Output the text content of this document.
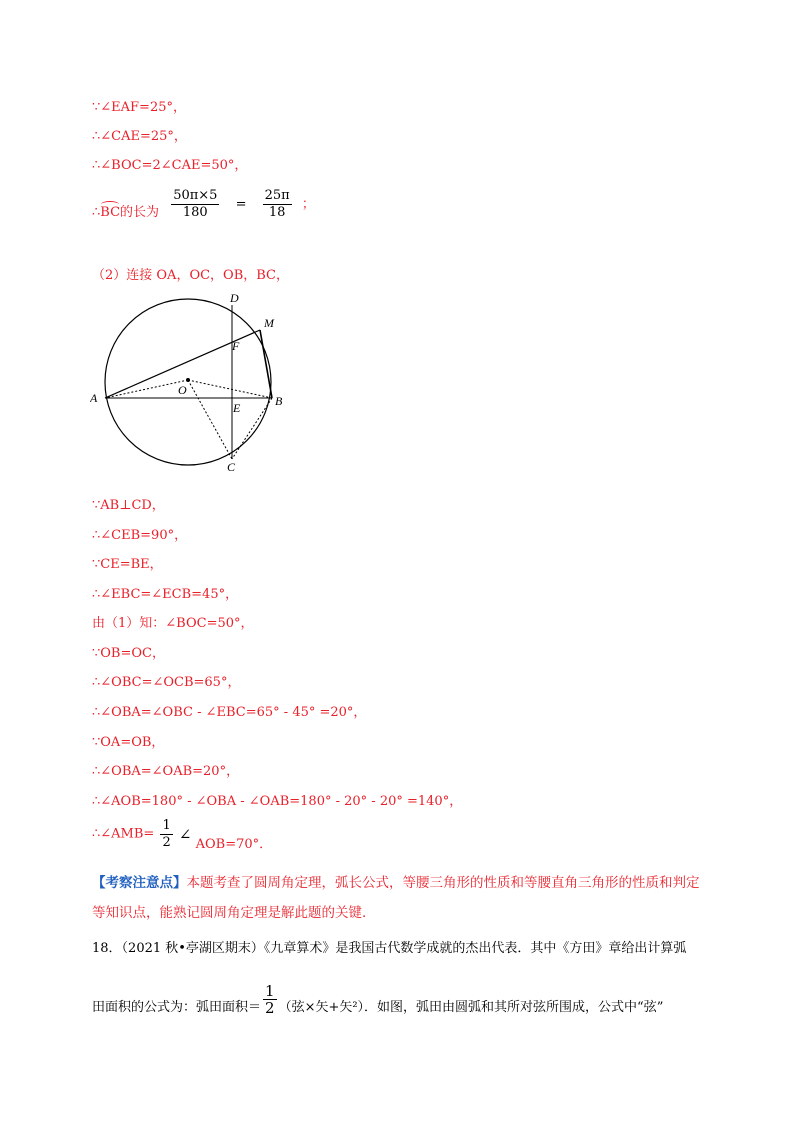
∵∠EAF=25°，
∴∠CAE=25°，
∴∠BOC=2∠CAE=50°，
∴BC的长为 $\frac{50\pi\times 5}{180} = \frac{25\pi}{18}$ ；
（2）连接 OA，OC，OB，BC，
A	B
C
D
E
F
M
O
∵AB⊥CD，
∴∠CEB=90°，
∵CE=BE，
∴∠EBC=∠ECB=45°，
由（1）知：∠BOC=50°，
∵OB=OC，
∴∠OBC=∠OCB=65°，
∴∠OBA=∠OBC - ∠EBC=65° - 45° =20°，
∵OA=OB，
∴∠OBA=∠OAB=20°，
∴∠AOB=180° - ∠OBA - ∠OAB=180° - 20° - 20° =140°，
∴∠AMB= $\frac{1}{2}$ ∠ AOB=70°．
【考察注意点】本题考查了圆周角定理，弧长公式，等腰三角形的性质和等腰直角三角形的性质和判定
等知识点，能熟记圆周角定理是解此题的关键．
18．（2021 秋•亭湖区期末）《九章算术》是我国古代数学成就的杰出代表．其中《方田》章给出计算弧
田面积的公式为：弧田面积＝ $\frac{1}{2}$ （弦×矢+矢²）．如图，弧田由圆弧和其所对弦所围成，公式中“弦”
